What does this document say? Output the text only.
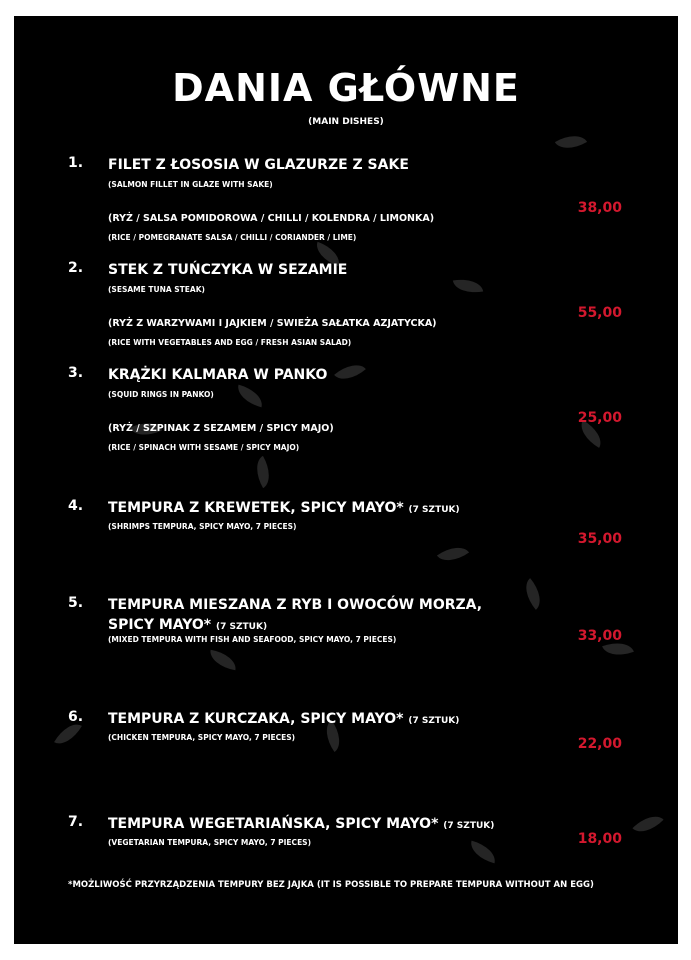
DANIA GŁÓWNE
(MAIN DISHES)
1. FILET Z ŁOSOSIA W GLAZURZE Z SAKE
(SALMON FILLET IN GLAZE WITH SAKE)
(RYŻ / SALSA POMIDOROWA / CHILLI / KOLENDRA / LIMONKA)
(RICE / POMEGRANATE SALSA / CHILLI / CORIANDER / LIME)
38,00
2. STEK Z TUŃCZYKA W SEZAMIE
(SESAME TUNA STEAK)
(RYŻ Z WARZYWAMI I JAJKIEM / SWIEŻA SAŁATKA AZJATYCKA)
(RICE WITH VEGETABLES AND EGG / FRESH ASIAN SALAD)
55,00
3. KRĄŻKI KALMARA W PANKO
(SQUID RINGS IN PANKO)
(RYŻ / SZPINAK Z SEZAMEM / SPICY MAJO)
(RICE / SPINACH WITH SESAME / SPICY MAJO)
25,00
4. TEMPURA Z KREWETEK, SPICY MAYO* (7 SZTUK)
(SHRIMPS TEMPURA, SPICY MAYO, 7 PIECES)
35,00
5. TEMPURA MIESZANA Z RYB I OWOCÓW MORZA, SPICY MAYO* (7 SZTUK)
(MIXED TEMPURA WITH FISH AND SEAFOOD, SPICY MAYO, 7 PIECES)	33,00
6. TEMPURA Z KURCZAKA, SPICY MAYO* (7 SZTUK)
(CHICKEN TEMPURA, SPICY MAYO, 7 PIECES)	22,00
7. TEMPURA WEGETARIAŃSKA, SPICY MAYO* (7 SZTUK)
(VEGETARIAN TEMPURA, SPICY MAYO, 7 PIECES)	18,00
*MOŻLIWOŚĆ PRZYRZĄDZENIA TEMPURY BEZ JAJKA (IT IS POSSIBLE TO PREPARE TEMPURA WITHOUT AN EGG)
